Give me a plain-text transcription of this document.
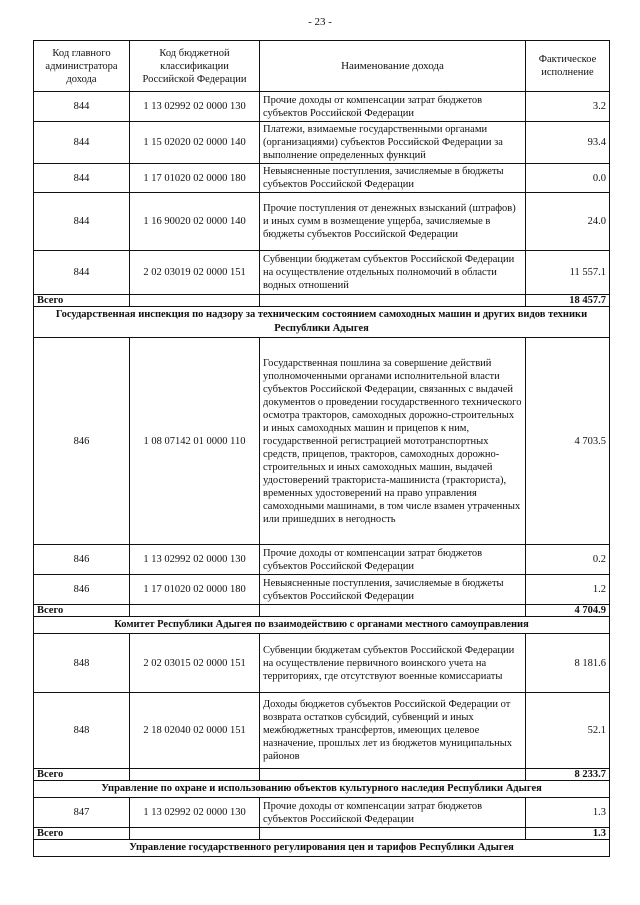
- 23 -
Код главного администратора дохода	Код бюджетной классификации Российской Федерации	Наименование дохода	Фактическое исполнение
844	1 13 02992 02 0000 130	Прочие доходы от компенсации затрат бюджетов субъектов Российской Федерации	3.2
844	1 15 02020 02 0000 140	Платежи, взимаемые государственными органами (организациями) субъектов Российской Федерации за выполнение определенных функций	93.4
844	1 17 01020 02 0000 180	Невыясненные поступления, зачисляемые в бюджеты субъектов Российской Федерации	0.0
844	1 16 90020 02 0000 140	Прочие поступления от денежных взысканий (штрафов) и иных сумм в возмещение ущерба, зачисляемые в бюджеты субъектов Российской Федерации	24.0
844	2 02 03019 02 0000 151	Субвенции бюджетам субъектов Российской Федерации на осуществление отдельных полномочий в области водных отношений	11 557.1
Всего			18 457.7
Государственная инспекция по надзору за техническим состоянием самоходных машин и других видов техники Республики Адыгея			
846	1 08 07142 01 0000 110	Государственная пошлина за совершение действий уполномоченными органами исполнительной власти субъектов Российской Федерации, связанных с выдачей документов о проведении государственного технического осмотра тракторов, самоходных дорожно-строительных и иных самоходных машин и прицепов к ним, государственной регистрацией мототранспортных средств, прицепов, тракторов, самоходных дорожно-строительных и иных самоходных машин, выдачей удостоверений тракториста-машиниста (тракториста), временных удостоверений на право управления самоходными машинами, в том числе взамен утраченных или пришедших в негодность	4 703.5
846	1 13 02992 02 0000 130	Прочие доходы от компенсации затрат бюджетов субъектов Российской Федерации	0.2
846	1 17 01020 02 0000 180	Невыясненные поступления, зачисляемые в бюджеты субъектов Российской Федерации	1.2
Всего			4 704.9
Комитет Республики Адыгея по взаимодействию с органами местного самоуправления			
848	2 02 03015 02 0000 151	Субвенции бюджетам субъектов Российской Федерации на осуществление первичного воинского учета на территориях, где отсутствуют военные комиссариаты	8 181.6
848	2 18 02040 02 0000 151	Доходы бюджетов субъектов Российской Федерации от возврата остатков субсидий, субвенций и иных межбюджетных трансфертов, имеющих целевое назначение, прошлых лет из бюджетов муниципальных районов	52.1
Всего			8 233.7
Управление по охране и использованию объектов культурного наследия Республики Адыгея			
847	1 13 02992 02 0000 130	Прочие доходы от компенсации затрат бюджетов субъектов Российской Федерации	1.3
Всего			1.3
Управление государственного регулирования цен и тарифов Республики Адыгея			
